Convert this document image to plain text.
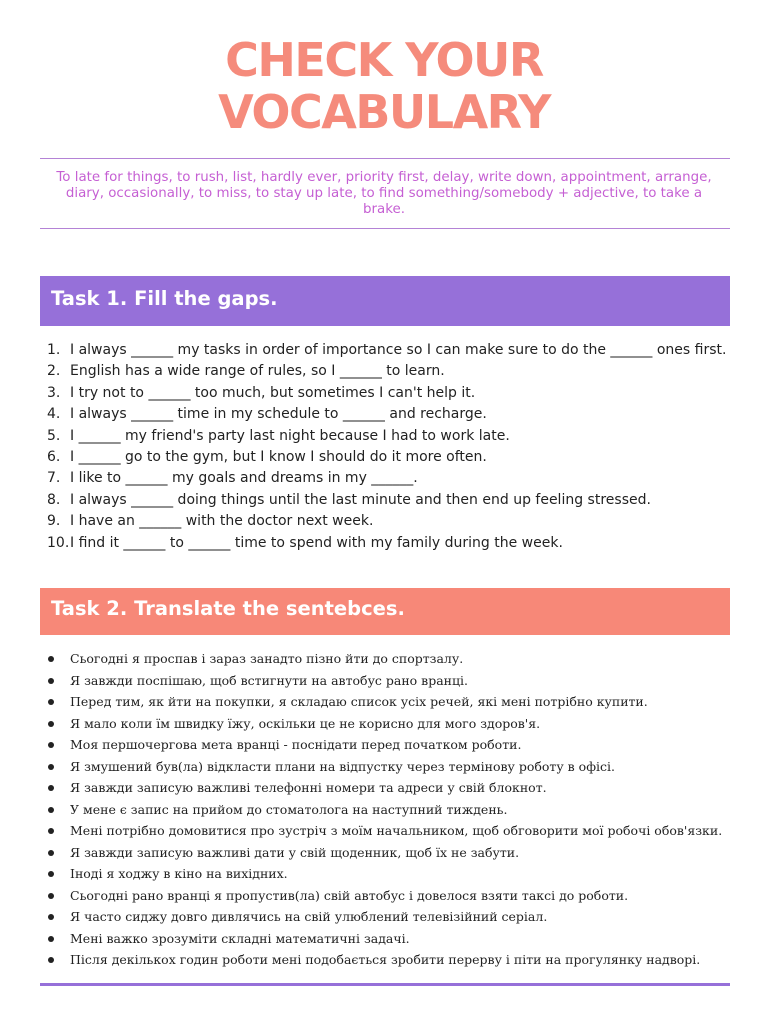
CHECK YOUR
VOCABULARY
To late for things, to rush, list, hardly ever, priority first, delay, write down, appointment, arrange, diary, occasionally, to miss, to stay up late, to find something/somebody + adjective, to take a brake.
Task 1. Fill the gaps.
1. I always ______ my tasks in order of importance so I can make sure to do the ______ ones first.
2. English has a wide range of rules, so I ______ to learn.
3. I try not to ______ too much, but sometimes I can't help it.
4. I always ______ time in my schedule to ______ and recharge.
5. I ______ my friend's party last night because I had to work late.
6. I ______ go to the gym, but I know I should do it more often.
7. I like to ______ my goals and dreams in my ______.
8. I always ______ doing things until the last minute and then end up feeling stressed.
9. I have an ______ with the doctor next week.
10. I find it ______ to ______ time to spend with my family during the week.
Task 2. Translate the sentebces.
Сьогодні я проспав і зараз занадто пізно йти до спортзалу.
Я завжди поспішаю, щоб встигнути на автобус рано вранці.
Перед тим, як йти на покупки, я складаю список усіх речей, які мені потрібно купити.
Я мало коли їм швидку їжу, оскільки це не корисно для мого здоров'я.
Моя першочергова мета вранці - поснідати перед початком роботи.
Я змушений був(ла) відкласти плани на відпустку через термінову роботу в офісі.
Я завжди записую важливі телефонні номери та адреси у свій блокнот.
У мене є запис на прийом до стоматолога на наступний тиждень.
Мені потрібно домовитися про зустріч з моїм начальником, щоб обговорити мої робочі обов'язки.
Я завжди записую важливі дати у свій щоденник, щоб їх не забути.
Іноді я ходжу в кіно на вихідних.
Сьогодні рано вранці я пропустив(ла) свій автобус і довелося взяти таксі до роботи.
Я часто сиджу довго дивлячись на свій улюблений телевізійний серіал.
Мені важко зрозуміти складні математичні задачі.
Після декількох годин роботи мені подобається зробити перерву і піти на прогулянку надворі.
